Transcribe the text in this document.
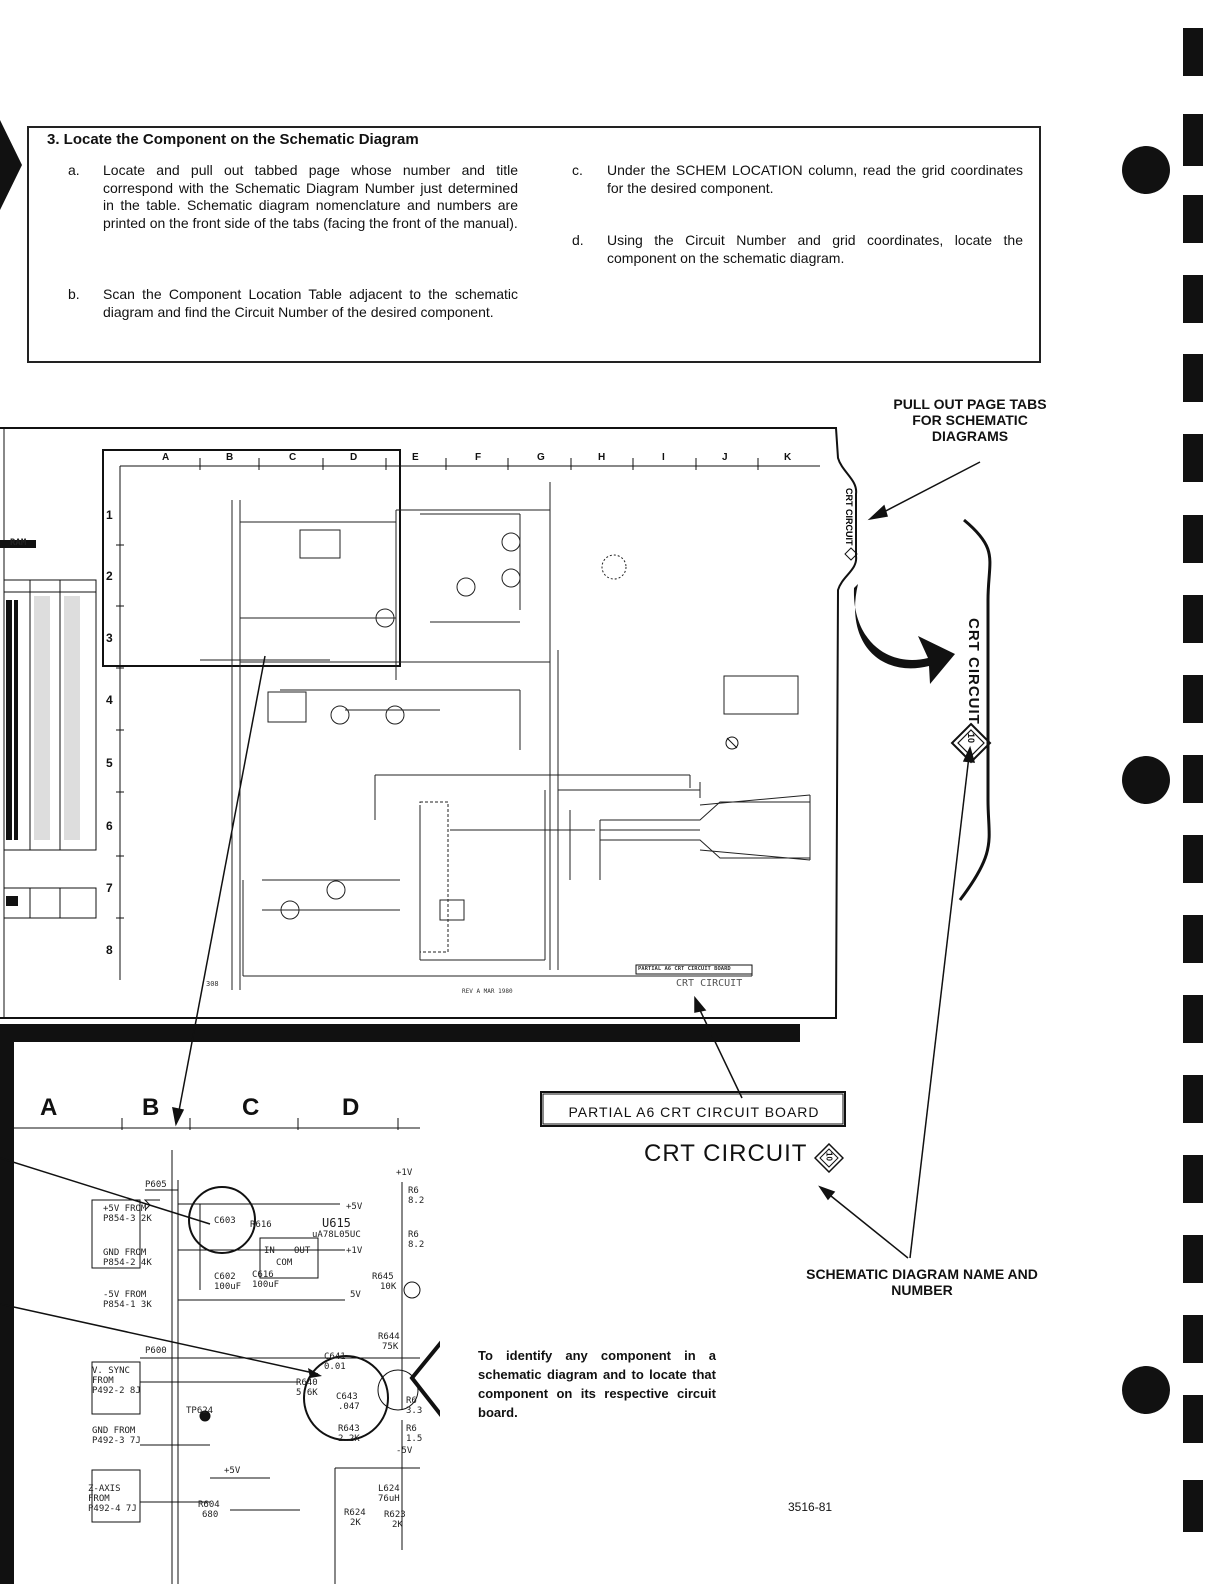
3. Locate the Component on the Schematic Diagram
a. Locate and pull out tabbed page whose number and title correspond with the Schematic Diagram Number just determined in the table. Schematic diagram nomenclature and numbers are printed on the front side of the tabs (facing the front of the manual).
b. Scan the Component Location Table adjacent to the schematic diagram and find the Circuit Number of the desired component.
c. Under the SCHEM LOCATION column, read the grid coordinates for the desired component.
d. Using the Circuit Number and grid coordinates, locate the component on the schematic diagram.
PULL OUT PAGE TABS FOR SCHEMATIC DIAGRAMS
SCHEMATIC DIAGRAM NAME AND NUMBER
CRT CIRCUIT
10
3516-81
CRT CIRCUIT
A	B	C	D	E	F	G	H	I	J	K
1
2
3
4
5
6
7
8
RAM
PARTIAL A6 CRT CIRCUIT BOARD
CRT CIRCUIT
308
REV A MAR 1980
PARTIAL A6 CRT CIRCUIT BOARD
CRT CIRCUIT 10
A	B	C	D
P605
P600
+5V FROM P854-3 2K
GND FROM P854-2 4K
-5V FROM P854-1 3K
V. SYNC FROM P492-2 8J
GND FROM P492-3 7J
Z-AXIS FROM P492-4 7J
C603 R616	U615
uA78L05UC
IN OUT
COM
C602
100uF
C616
100uF
+5V
+1V
5V
+1V
R6
8.2
R6
8.2
R645
10K
R644
75K
C641
0.01
R640
5.6K C643
.047
R643
2.2K
R6
3.3
R6
1.5
-5V
TP624
+5V
L624
76uH
R624
2K
R623
2K
R604
680
To identify any component in a schematic diagram and to locate that component on its respective circuit board.
